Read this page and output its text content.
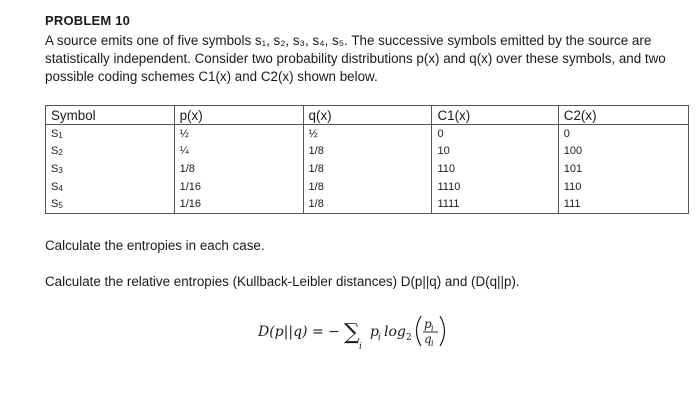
PROBLEM 10
A source emits one of five symbols s₁, s₂, s₃, s₄, s₅. The successive symbols emitted by the source are statistically independent. Consider two probability distributions p(x) and q(x) over these symbols, and two possible coding schemes C1(x) and C2(x) shown below.
Symbol	p(x)	q(x)	C1(x)	C2(x)
S1	½	½	0	0
S2	¼	1/8	10	100
S3	1/8	1/8	110	101
S4	1/16	1/8	1110	110
S5	1/16	1/8	1111	111
Calculate the entropies in each case.
Calculate the relative entropies (Kullback-Leibler distances) D(p||q) and (D(q||p).
D(p||q) = − ∑
i
p i log 2
p i
q i
